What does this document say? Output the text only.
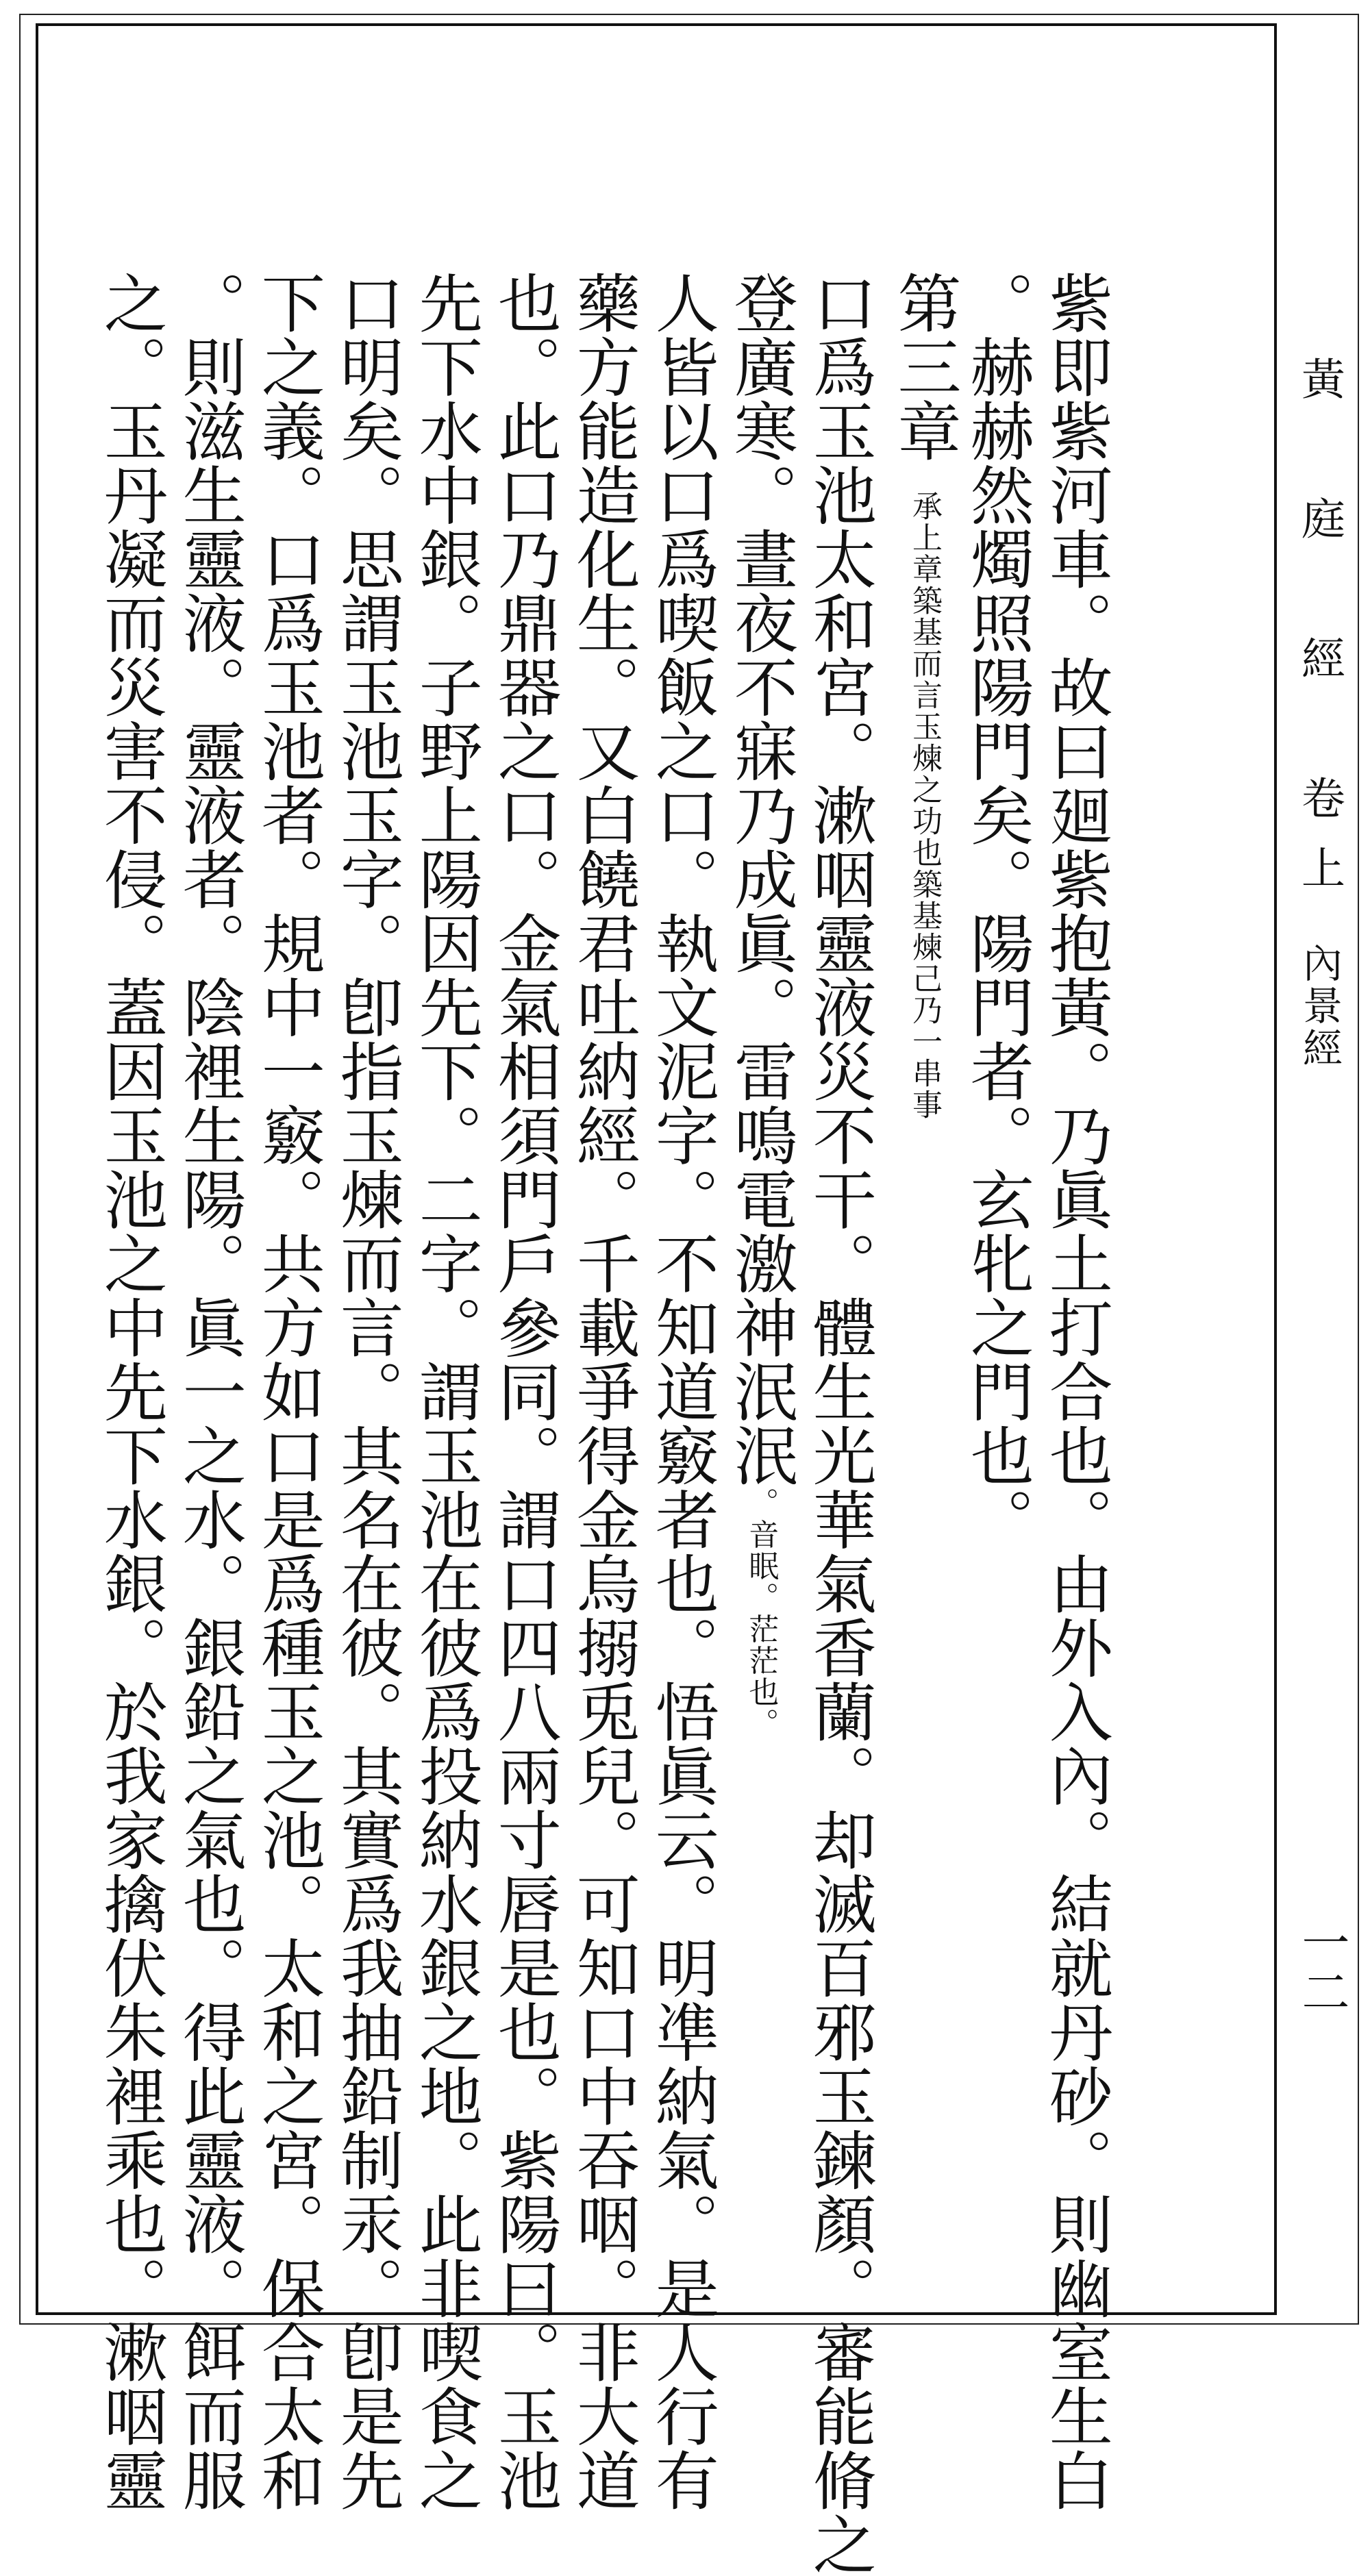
黃　庭　經　卷上內景經
一二
紫即紫河車。故曰廻紫抱黃。乃眞土打合也。由外入內。結就丹砂。則幽室生白
。赫赫然燭照陽門矣。陽門者。玄牝之門也。
第三章承上章築基而言玉煉之功也築基煉己乃一串事
口爲玉池太和宮。漱咽靈液災不干。體生光華氣香蘭。却滅百邪玉鍊顏。審能脩之
登廣寒。晝夜不寐乃成眞。雷鳴電激神泯泯。音眠。茫茫也。
人皆以口爲喫飯之口。執文泥字。不知道竅者也。悟眞云。明凖納氣。是人行有
藥方能造化生。又白饒君吐納經。千載爭得金烏搦兎兒。可知口中吞咽。非大道
也。此口乃鼎器之口。金氣相須門戶參同。謂口四八兩寸唇是也。紫陽曰。玉池
先下水中銀。子野上陽因先下。二字。謂玉池在彼爲投納水銀之地。此非喫食之
口明矣。思謂玉池玉字。卽指玉煉而言。其名在彼。其實爲我抽鉛制汞。卽是先
下之義。口爲玉池者。規中一竅。共方如口是爲種玉之池。太和之宮。保合太和
。則滋生靈液。靈液者。陰裡生陽。眞一之水。銀鉛之氣也。得此靈液。餌而服
之。玉丹凝而災害不侵。蓋因玉池之中先下水銀。於我家擒伏朱裡乘也。漱咽靈
